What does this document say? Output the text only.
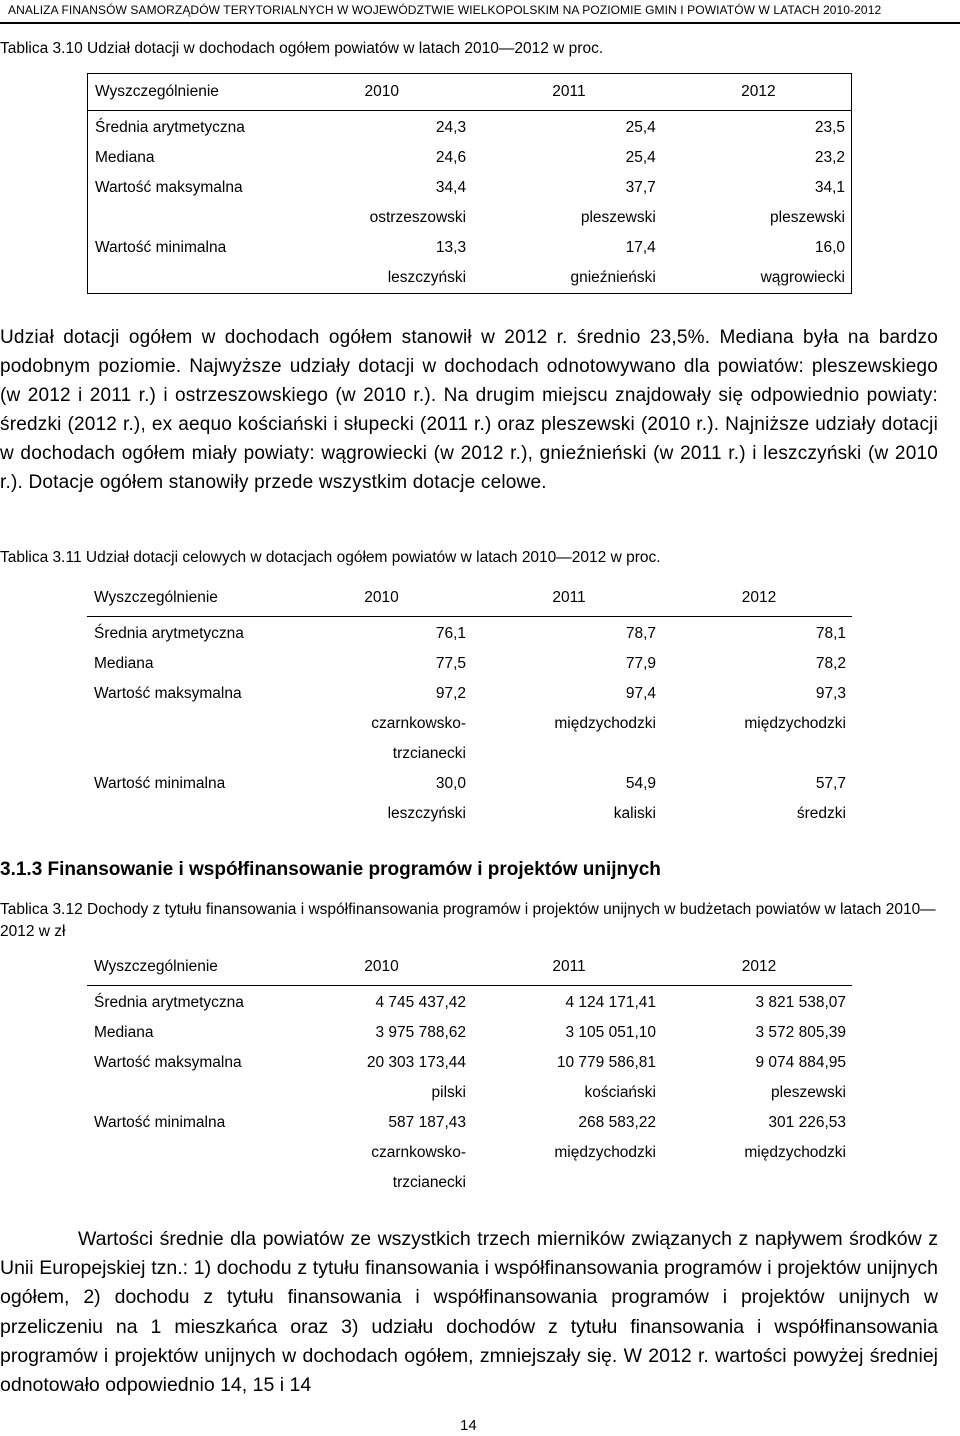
ANALIZA FINANSÓW SAMORZĄDÓW TERYTORIALNYCH W WOJEWÓDZTWIE WIELKOPOLSKIM NA POZIOMIE GMIN I POWIATÓW W LATACH 2010-2012
Tablica 3.10 Udział dotacji w dochodach ogółem powiatów w latach 2010—2012 w proc.
Wyszczególnienie	2010	2011	2012
Średnia arytmetyczna	24,3	25,4	23,5
Mediana	24,6	25,4	23,2
Wartość maksymalna	34,4	37,7	34,1
	ostrzeszowski	pleszewski	pleszewski
Wartość minimalna	13,3	17,4	16,0
	leszczyński	gnieźnieński	wągrowiecki
Udział dotacji ogółem w dochodach ogółem stanowił w 2012 r. średnio 23,5%. Mediana była na bardzo podobnym poziomie. Najwyższe udziały dotacji w dochodach odnotowywano dla powiatów: pleszewskiego (w 2012 i 2011 r.) i ostrzeszowskiego (w 2010 r.). Na drugim miejscu znajdowały się odpowiednio powiaty: średzki (2012 r.), ex aequo kościański i słupecki (2011 r.) oraz pleszewski (2010 r.). Najniższe udziały dotacji w dochodach ogółem miały powiaty: wągrowiecki (w 2012 r.), gnieźnieński (w 2011 r.) i leszczyński (w 2010 r.). Dotacje ogółem stanowiły przede wszystkim dotacje celowe.
Tablica 3.11 Udział dotacji celowych w dotacjach ogółem powiatów w latach 2010—2012 w proc.
Wyszczególnienie	2010	2011	2012
Średnia arytmetyczna	76,1	78,7	78,1
Mediana	77,5	77,9	78,2
Wartość maksymalna	97,2	97,4	97,3
	czarnkowsko-	międzychodzki	międzychodzki
	trzcianecki		
Wartość minimalna	30,0	54,9	57,7
	leszczyński	kaliski	średzki
3.1.3 Finansowanie i współfinansowanie programów i projektów unijnych
Tablica 3.12 Dochody z tytułu finansowania i współfinansowania programów i projektów unijnych w budżetach powiatów w latach 2010—2012 w zł
Wyszczególnienie	2010	2011	2012
Średnia arytmetyczna	4 745 437,42	4 124 171,41	3 821 538,07
Mediana	3 975 788,62	3 105 051,10	3 572 805,39
Wartość maksymalna	20 303 173,44	10 779 586,81	9 074 884,95
	pilski	kościański	pleszewski
Wartość minimalna	587 187,43	268 583,22	301 226,53
	czarnkowsko-	międzychodzki	międzychodzki
	trzcianecki		
Wartości średnie dla powiatów ze wszystkich trzech mierników związanych z napływem środków z Unii Europejskiej tzn.: 1) dochodu z tytułu finansowania i współfinansowania programów i projektów unijnych ogółem, 2) dochodu z tytułu finansowania i współfinansowania programów i projektów unijnych w przeliczeniu na 1 mieszkańca oraz 3) udziału dochodów z tytułu finansowania i współfinansowania programów i projektów unijnych w dochodach ogółem, zmniejszały się. W 2012 r. wartości powyżej średniej odnotowało odpowiednio 14, 15 i 14
14
